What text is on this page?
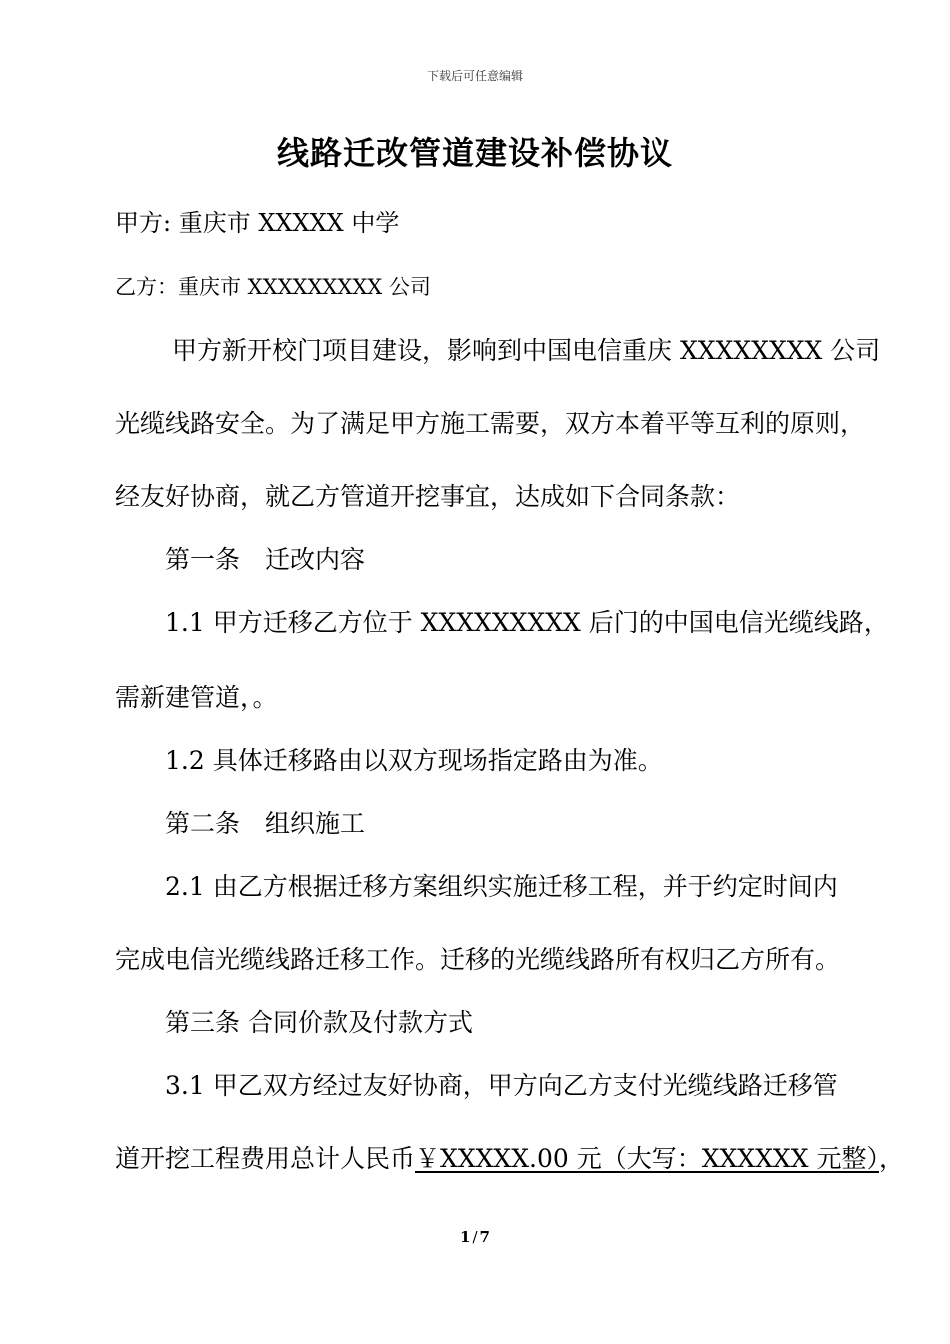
下载后可任意编辑
线路迁改管道建设补偿协议
甲方: 重庆市 XXXXX 中学
乙方：重庆市 XXXXXXXXX 公司
甲方新开校门项目建设，影响到中国电信重庆 XXXXXXXX 公司
光缆线路安全。为了满足甲方施工需要，双方本着平等互利的原则，
经友好协商，就乙方管道开挖事宜，达成如下合同条款：
第一条　迁改内容
1.1 甲方迁移乙方位于 XXXXXXXXX 后门的中国电信光缆线路，
需新建管道，。
1.2 具体迁移路由以双方现场指定路由为准。
第二条　组织施工
2.1 由乙方根据迁移方案组织实施迁移工程，并于约定时间内
完成电信光缆线路迁移工作。迁移的光缆线路所有权归乙方所有。
第三条 合同价款及付款方式
3.1 甲乙双方经过友好协商，甲方向乙方支付光缆线路迁移管
道开挖工程费用总计人民币￥XXXXX.00 元（大写：XXXXXX 元整），
1 / 7
